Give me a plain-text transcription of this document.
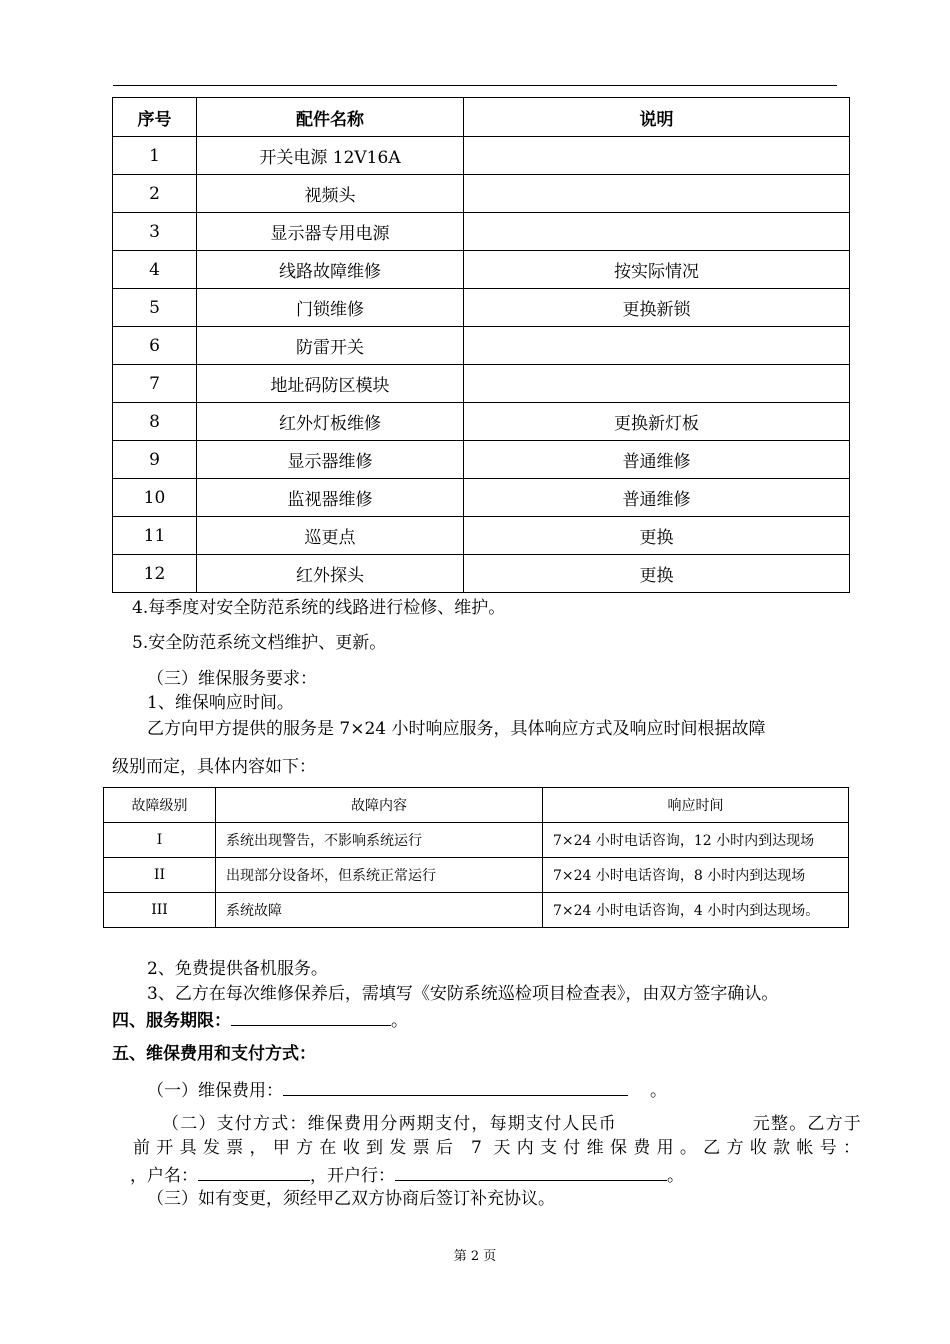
序号	配件名称	说明
1	开关电源 12V16A	
2	视频头	
3	显示器专用电源	
4	线路故障维修	按实际情况
5	门锁维修	更换新锁
6	防雷开关	
7	地址码防区模块	
8	红外灯板维修	更换新灯板
9	显示器维修	普通维修
10	监视器维修	普通维修
11	巡更点	更换
12	红外探头	更换
4.每季度对安全防范系统的线路进行检修、维护。
5.安全防范系统文档维护、更新。
（三）维保服务要求：
1、维保响应时间。
乙方向甲方提供的服务是 7×24 小时响应服务，具体响应方式及响应时间根据故障
级别而定，具体内容如下：
故障级别	故障内容	响应时间
I	系统出现警告，不影响系统运行	7×24 小时电话咨询，12 小时内到达现场
II	出现部分设备坏，但系统正常运行	7×24 小时电话咨询，8 小时内到达现场
III	系统故障	7×24 小时电话咨询，4 小时内到达现场。
2、免费提供备机服务。
3、乙方在每次维修保养后，需填写《安防系统巡检项目检查表》，由双方签字确认。
四、服务期限：	。
五、维保费用和支付方式：
（一）维保费用：	。
（二）支付方式：维保费用分两期支付，每期支付人民币	元整。乙方于
前开具发票，甲方在收到发票后 7 天内支付维保费用。乙方收款帐号：
，户名：	，开户行：	。
（三）如有变更，须经甲乙双方协商后签订补充协议。
第 2 页
